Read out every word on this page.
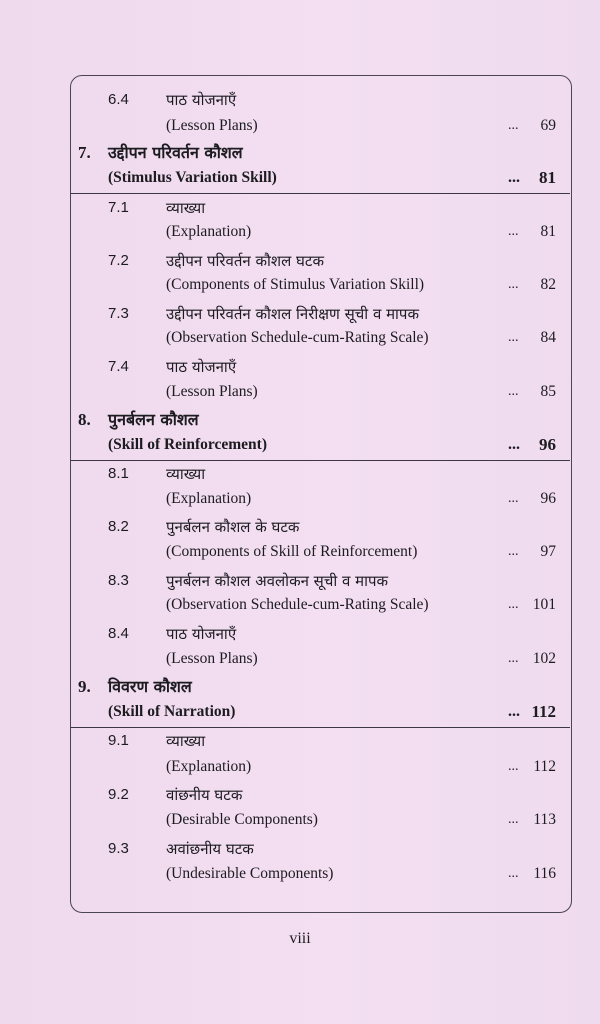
6.4 पाठ योजनाएँ
(Lesson Plans)	... 69
7. उद्दीपन परिवर्तन कौशल
(Stimulus Variation Skill)	... 81
7.1 व्याख्या
(Explanation)	... 81
7.2 उद्दीपन परिवर्तन कौशल घटक
(Components of Stimulus Variation Skill)	... 82
7.3 उद्दीपन परिवर्तन कौशल निरीक्षण सूची व मापक
(Observation Schedule-cum-Rating Scale)	... 84
7.4 पाठ योजनाएँ
(Lesson Plans)	... 85
8. पुनर्बलन कौशल
(Skill of Reinforcement)	... 96
8.1 व्याख्या
(Explanation)	... 96
8.2 पुनर्बलन कौशल के घटक
(Components of Skill of Reinforcement)	... 97
8.3 पुनर्बलन कौशल अवलोकन सूची व मापक
(Observation Schedule-cum-Rating Scale)	... 101
8.4 पाठ योजनाएँ
(Lesson Plans)	... 102
9. विवरण कौशल
(Skill of Narration)	... 112
9.1 व्याख्या
(Explanation)	... 112
9.2 वांछनीय घटक
(Desirable Components)	... 113
9.3 अवांछनीय घटक
(Undesirable Components)	... 116
viii
